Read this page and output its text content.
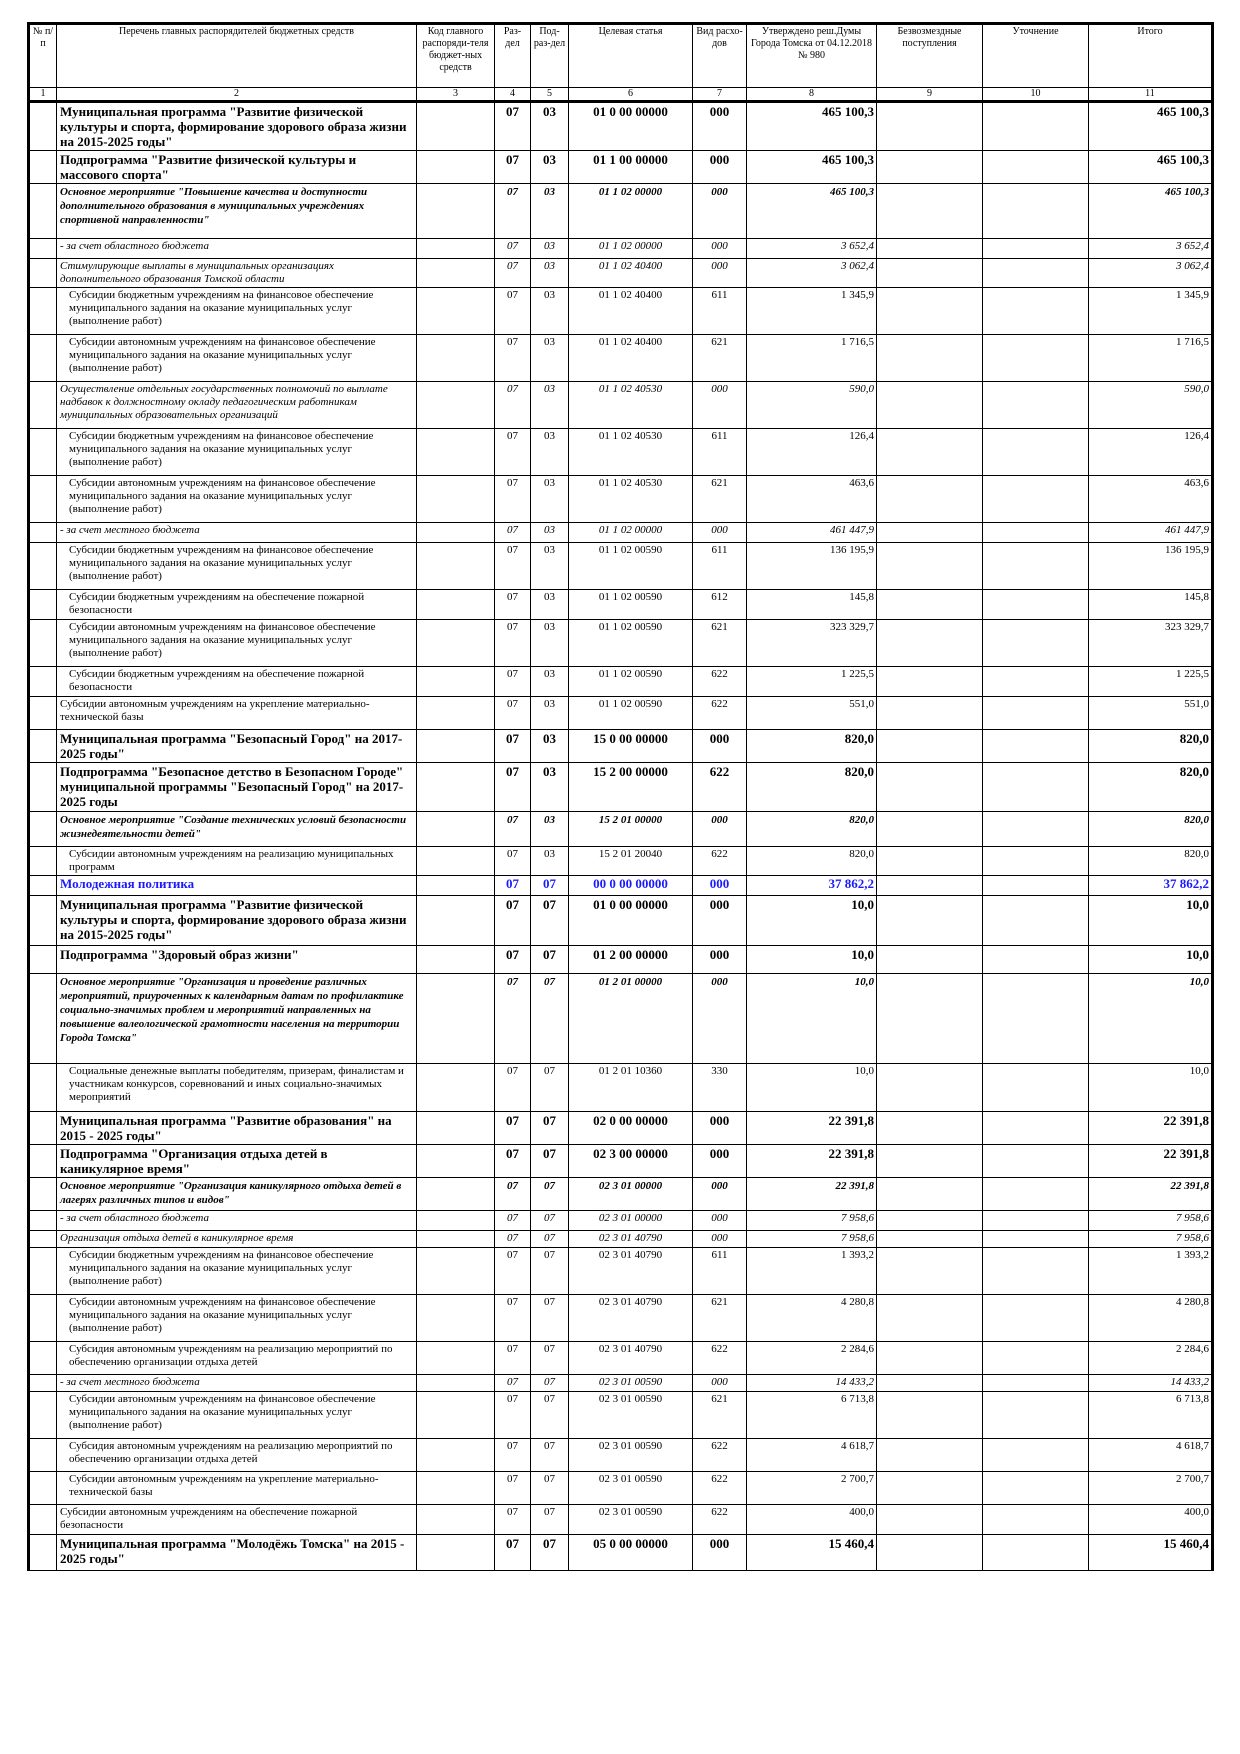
№ п/п	Перечень главных распорядителей бюджетных средств	Код главного распоряди-теля бюджет-ных средств	Раз-дел	Под-раз-дел	Целевая статья	Вид расхо-дов	Утверждено реш.Думы Города Томска от 04.12.2018 № 980	Безвозмездные поступления	Уточнение	Итого
1	2	3	4	5	6	7	8	9	10	11
	Муниципальная программа "Развитие физической культуры и спорта, формирование здорового образа жизни на 2015-2025 годы"		07	03	01 0 00 00000	000	465 100,3			465 100,3
	Подпрограмма "Развитие физической культуры и массового спорта"		07	03	01 1 00 00000	000	465 100,3			465 100,3
	Основное мероприятие "Повышение качества и доступности дополнительного образования в муниципальных учреждениях спортивной направленности"		07	03	01 1 02 00000	000	465 100,3			465 100,3
	- за счет областного бюджета		07	03	01 1 02 00000	000	3 652,4			3 652,4
	Стимулирующие выплаты в муниципальных организациях дополнительного образования Томской области		07	03	01 1 02 40400	000	3 062,4			3 062,4
	Субсидии бюджетным учреждениям на финансовое обеспечение муниципального задания на оказание муниципальных услуг (выполнение работ)		07	03	01 1 02 40400	611	1 345,9			1 345,9
	Субсидии автономным учреждениям на финансовое обеспечение муниципального задания на оказание муниципальных услуг (выполнение работ)		07	03	01 1 02 40400	621	1 716,5			1 716,5
	Осуществление отдельных государственных полномочий по выплате надбавок к должностному окладу педагогическим работникам муниципальных образовательных организаций		07	03	01 1 02 40530	000	590,0			590,0
	Субсидии бюджетным учреждениям на финансовое обеспечение муниципального задания на оказание муниципальных услуг (выполнение работ)		07	03	01 1 02 40530	611	126,4			126,4
	Субсидии автономным учреждениям на финансовое обеспечение муниципального задания на оказание муниципальных услуг (выполнение работ)		07	03	01 1 02 40530	621	463,6			463,6
	- за счет местного бюджета		07	03	01 1 02 00000	000	461 447,9			461 447,9
	Субсидии бюджетным учреждениям на финансовое обеспечение муниципального задания на оказание муниципальных услуг (выполнение работ)		07	03	01 1 02 00590	611	136 195,9			136 195,9
	Субсидии бюджетным учреждениям на обеспечение пожарной безопасности		07	03	01 1 02 00590	612	145,8			145,8
	Субсидии автономным учреждениям на финансовое обеспечение муниципального задания на оказание муниципальных услуг (выполнение работ)		07	03	01 1 02 00590	621	323 329,7			323 329,7
	Субсидии бюджетным учреждениям на обеспечение пожарной безопасности		07	03	01 1 02 00590	622	1 225,5			1 225,5
	Субсидии автономным учреждениям на укрепление материально-технической базы		07	03	01 1 02 00590	622	551,0			551,0
	Муниципальная программа "Безопасный Город" на 2017- 2025 годы"		07	03	15 0 00 00000	000	820,0			820,0
	Подпрограмма "Безопасное детство в Безопасном Городе" муниципальной программы "Безопасный Город" на 2017-2025 годы		07	03	15 2 00 00000	622	820,0			820,0
	Основное мероприятие "Создание технических условий безопасности жизнедеятельности детей"		07	03	15 2 01 00000	000	820,0			820,0
	Субсидии автономным учреждениям на реализацию муниципальных программ		07	03	15 2 01 20040	622	820,0			820,0
	Молодежная политика		07	07	00 0 00 00000	000	37 862,2			37 862,2
	Муниципальная программа "Развитие физической культуры и спорта, формирование здорового образа жизни на 2015-2025 годы"		07	07	01 0 00 00000	000	10,0			10,0
	Подпрограмма "Здоровый образ жизни"		07	07	01 2 00 00000	000	10,0			10,0
	Основное мероприятие "Организация и проведение различных мероприятий, приуроченных к календарным датам по профилактике социально-значимых проблем и мероприятий направленных на повышение валеологической грамотности населения на территории Города Томска"		07	07	01 2 01 00000	000	10,0			10,0
	Социальные денежные выплаты победителям, призерам, финалистам и участникам конкурсов, соревнований и иных социально-значимых мероприятий		07	07	01 2 01 10360	330	10,0			10,0
	Муниципальная программа "Развитие образования" на 2015 - 2025 годы"		07	07	02 0 00 00000	000	22 391,8			22 391,8
	Подпрограмма "Организация отдыха детей в каникулярное время"		07	07	02 3 00 00000	000	22 391,8			22 391,8
	Основное мероприятие "Организация каникулярного отдыха детей в лагерях различных типов и видов"		07	07	02 3 01 00000	000	22 391,8			22 391,8
	- за счет областного бюджета		07	07	02 3 01 00000	000	7 958,6			7 958,6
	Организация отдыха детей в каникулярное время		07	07	02 3 01 40790	000	7 958,6			7 958,6
	Субсидии бюджетным учреждениям на финансовое обеспечение муниципального задания на оказание муниципальных услуг (выполнение работ)		07	07	02 3 01 40790	611	1 393,2			1 393,2
	Субсидии автономным учреждениям на финансовое обеспечение муниципального задания на оказание муниципальных услуг (выполнение работ)		07	07	02 3 01 40790	621	4 280,8			4 280,8
	Субсидия автономным учреждениям на реализацию мероприятий по обеспечению организации отдыха детей		07	07	02 3 01 40790	622	2 284,6			2 284,6
	- за счет местного бюджета		07	07	02 3 01 00590	000	14 433,2			14 433,2
	Субсидии автономным учреждениям на финансовое обеспечение муниципального задания на оказание муниципальных услуг (выполнение работ)		07	07	02 3 01 00590	621	6 713,8			6 713,8
	Субсидия автономным учреждениям на реализацию мероприятий по обеспечению организации отдыха детей		07	07	02 3 01 00590	622	4 618,7			4 618,7
	Субсидии автономным учреждениям на укрепление материально-технической базы		07	07	02 3 01 00590	622	2 700,7			2 700,7
	Субсидии автономным учреждениям на обеспечение пожарной безопасности		07	07	02 3 01 00590	622	400,0			400,0
	Муниципальная программа "Молодёжь Томска" на 2015 - 2025 годы"		07	07	05 0 00 00000	000	15 460,4			15 460,4
